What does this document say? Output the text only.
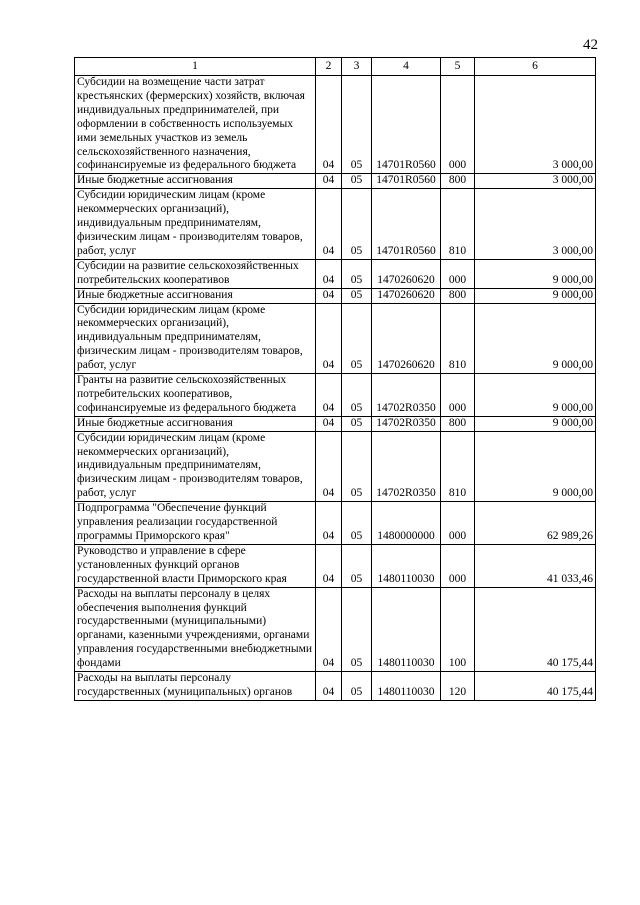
42
1	2	3	4	5	6
Субсидии на возмещение части затрат крестьянских (фермерских) хозяйств, включая индивидуальных предпринимателей, при оформлении в собственность используемых ими земельных участков из земель сельскохозяйственного назначения, софинансируемые из федерального бюджета	04	05	14701R0560	000	3 000,00
Иные бюджетные ассигнования	04	05	14701R0560	800	3 000,00
Субсидии юридическим лицам (кроме некоммерческих организаций), индивидуальным предпринимателям, физическим лицам - производителям товаров, работ, услуг	04	05	14701R0560	810	3 000,00
Субсидии на развитие сельскохозяйственных потребительских кооперативов	04	05	1470260620	000	9 000,00
Иные бюджетные ассигнования	04	05	1470260620	800	9 000,00
Субсидии юридическим лицам (кроме некоммерческих организаций), индивидуальным предпринимателям, физическим лицам - производителям товаров, работ, услуг	04	05	1470260620	810	9 000,00
Гранты на развитие сельскохозяйственных потребительских кооперативов, софинансируемые из федерального бюджета	04	05	14702R0350	000	9 000,00
Иные бюджетные ассигнования	04	05	14702R0350	800	9 000,00
Субсидии юридическим лицам (кроме некоммерческих организаций), индивидуальным предпринимателям, физическим лицам - производителям товаров, работ, услуг	04	05	14702R0350	810	9 000,00
Подпрограмма "Обеспечение функций управления реализации государственной программы Приморского края"	04	05	1480000000	000	62 989,26
Руководство и управление в сфере установленных функций органов государственной власти Приморского края	04	05	1480110030	000	41 033,46
Расходы на выплаты персоналу в целях обеспечения выполнения функций государственными (муниципальными) органами, казенными учреждениями, органами управления государственными внебюджетными фондами	04	05	1480110030	100	40 175,44
Расходы на выплаты персоналу государственных (муниципальных) органов	04	05	1480110030	120	40 175,44
